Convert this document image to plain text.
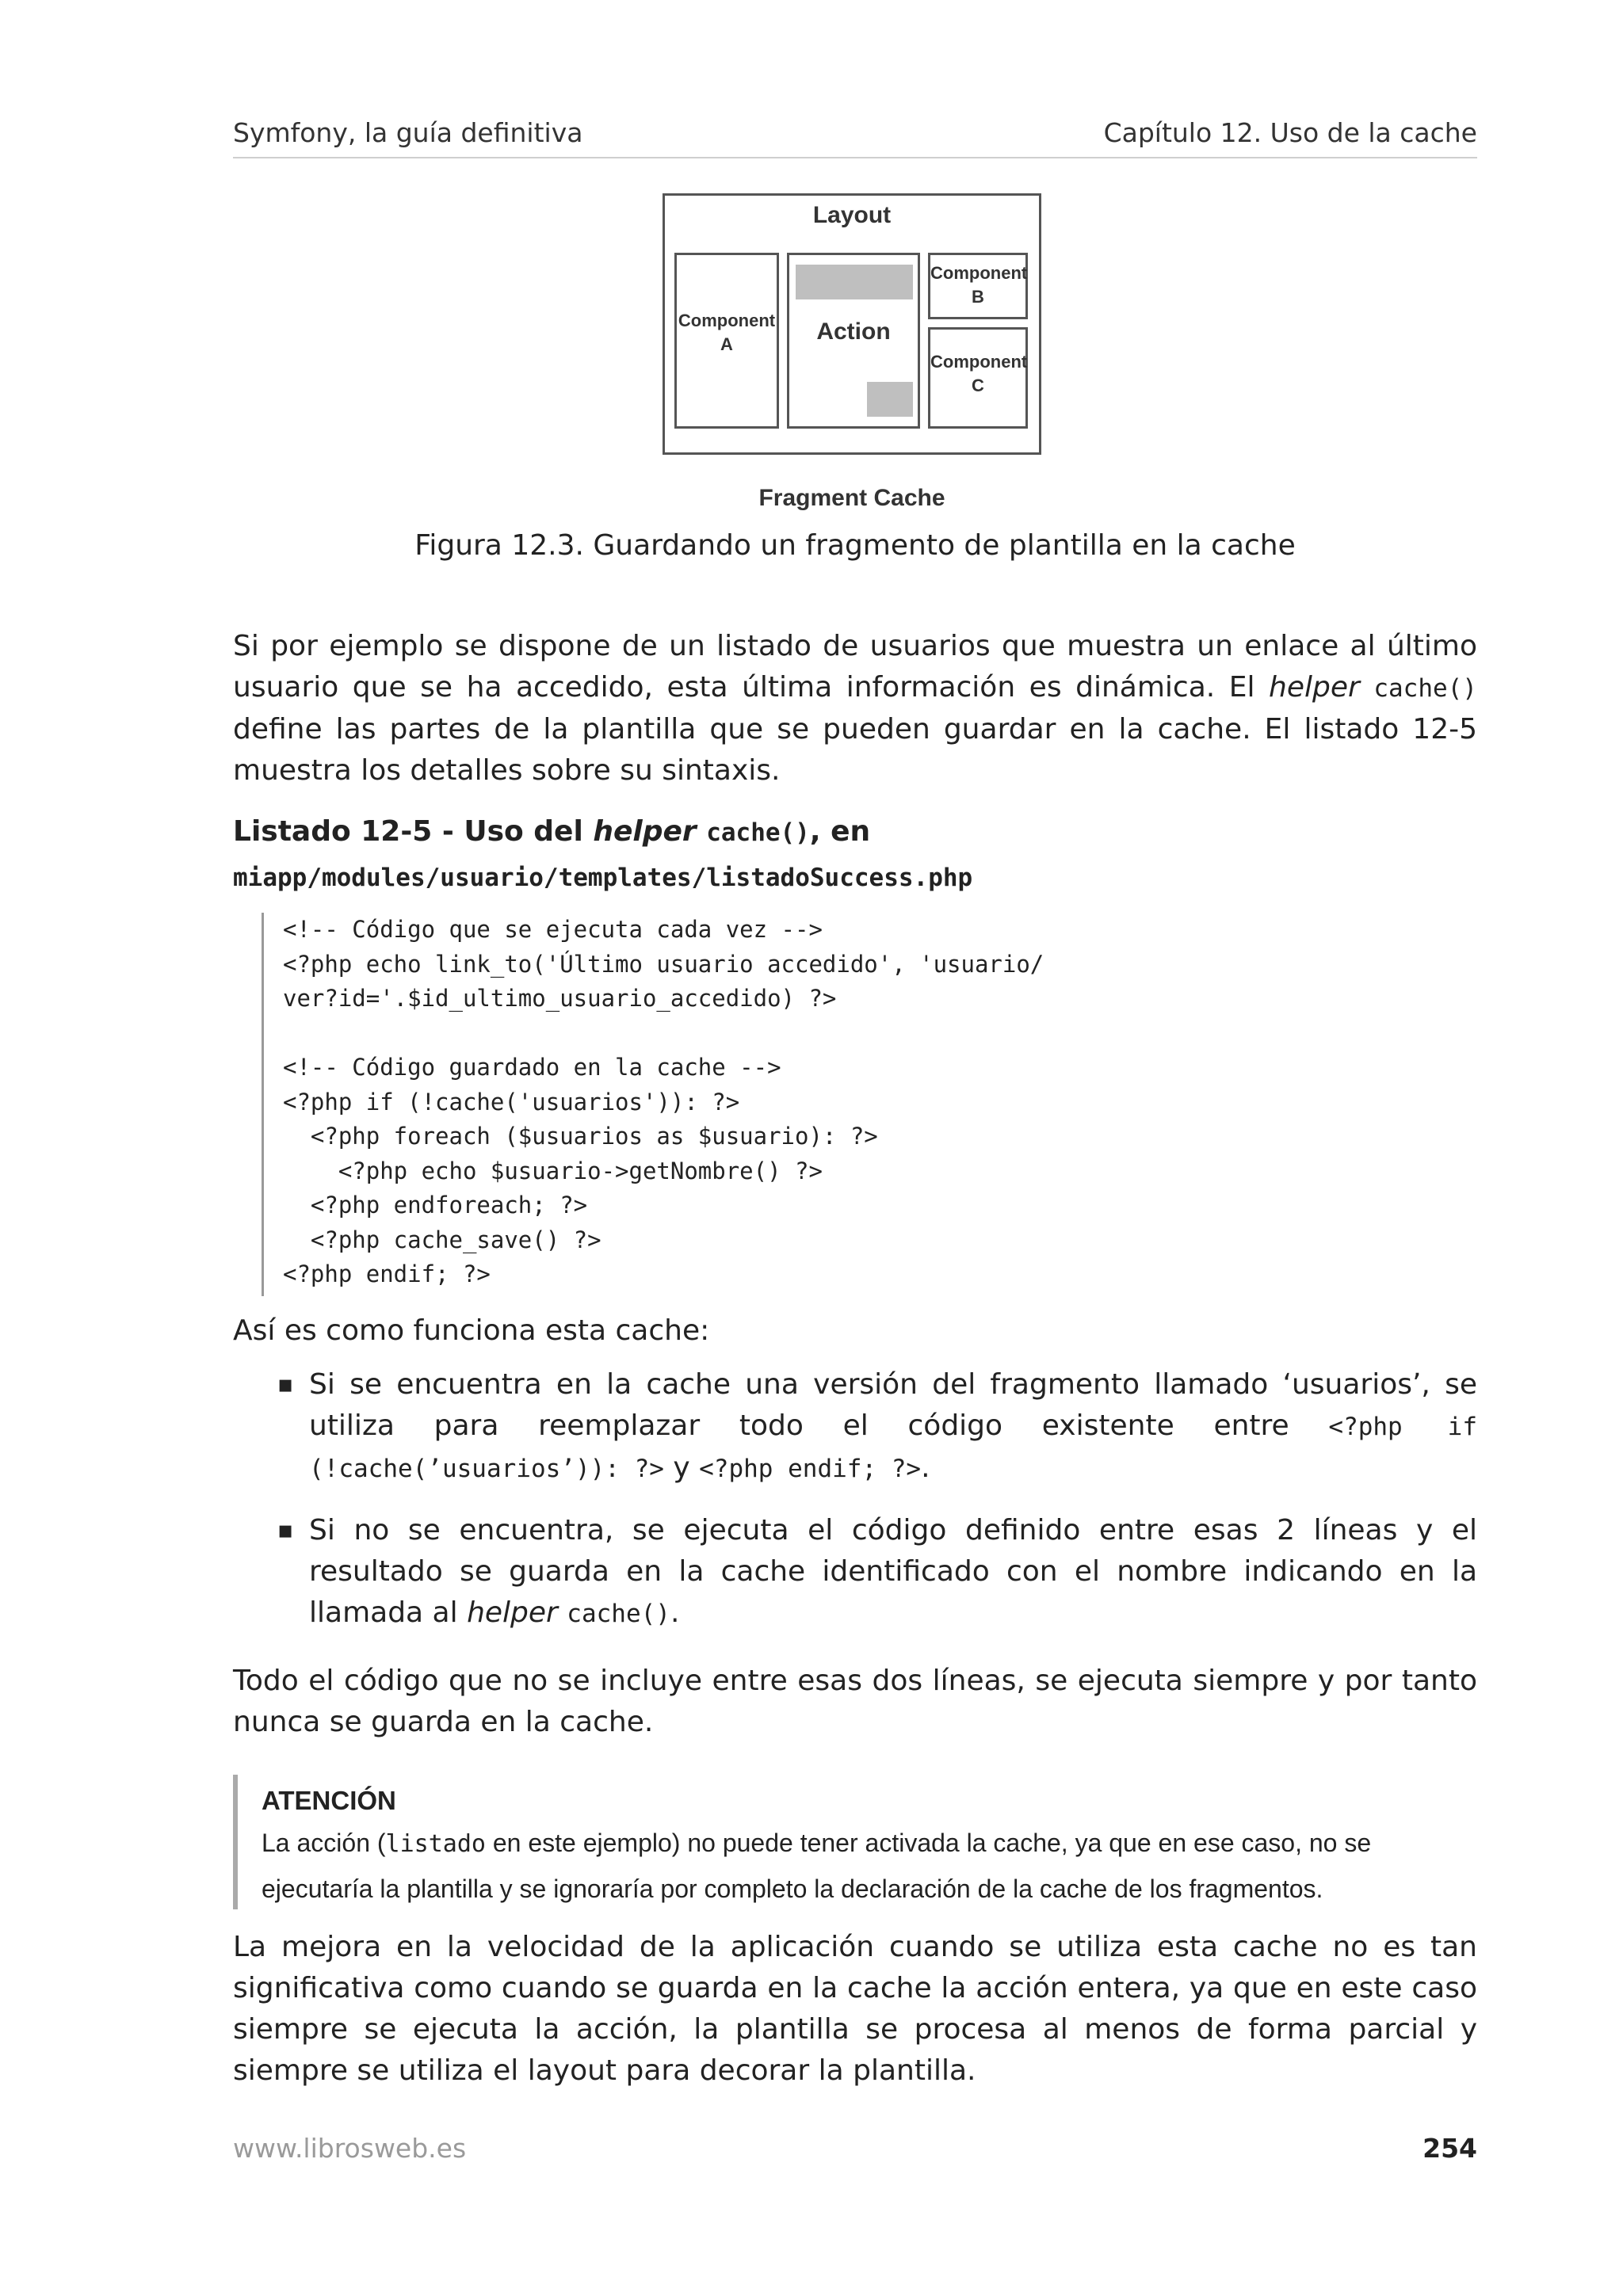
Symfony, la guía definitiva	Capítulo 12. Uso de la cache
Layout
Component
A	Action
Component
B
Component
C
Fragment Cache
Figura 12.3. Guardando un fragmento de plantilla en la cache
Si por ejemplo se dispone de un listado de usuarios que muestra un enlace al último usuario que se ha accedido, esta última información es dinámica. El helper cache() define las partes de la plantilla que se pueden guardar en la cache. El listado 12-5 muestra los detalles sobre su sintaxis.
Listado 12-5 - Uso del helper cache(), en miapp/modules/usuario/templates/listadoSuccess.php
<!-- Código que se ejecuta cada vez -->
<?php echo link_to('Último usuario accedido', 'usuario/
ver?id='.$id_ultimo_usuario_accedido) ?>
<!-- Código guardado en la cache -->
<?php if (!cache('usuarios')): ?>
<?php foreach ($usuarios as $usuario): ?>
<?php echo $usuario->getNombre() ?>
<?php endforeach; ?>
<?php cache_save() ?>
<?php endif; ?>
Así es como funciona esta cache:
▪ Si se encuentra en la cache una versión del fragmento llamado ‘usuarios’, se utiliza para reemplazar todo el código existente entre <?php if (!cache(’usuarios’)): ?> y <?php endif; ?>.
▪ Si no se encuentra, se ejecuta el código definido entre esas 2 líneas y el resultado se guarda en la cache identificado con el nombre indicando en la llamada al helper cache().
Todo el código que no se incluye entre esas dos líneas, se ejecuta siempre y por tanto nunca se guarda en la cache.
ATENCIÓN
La acción (listado en este ejemplo) no puede tener activada la cache, ya que en ese caso, no se ejecutaría la plantilla y se ignoraría por completo la declaración de la cache de los fragmentos.
La mejora en la velocidad de la aplicación cuando se utiliza esta cache no es tan significativa como cuando se guarda en la cache la acción entera, ya que en este caso siempre se ejecuta la acción, la plantilla se procesa al menos de forma parcial y siempre se utiliza el layout para decorar la plantilla.
www.librosweb.es	254
